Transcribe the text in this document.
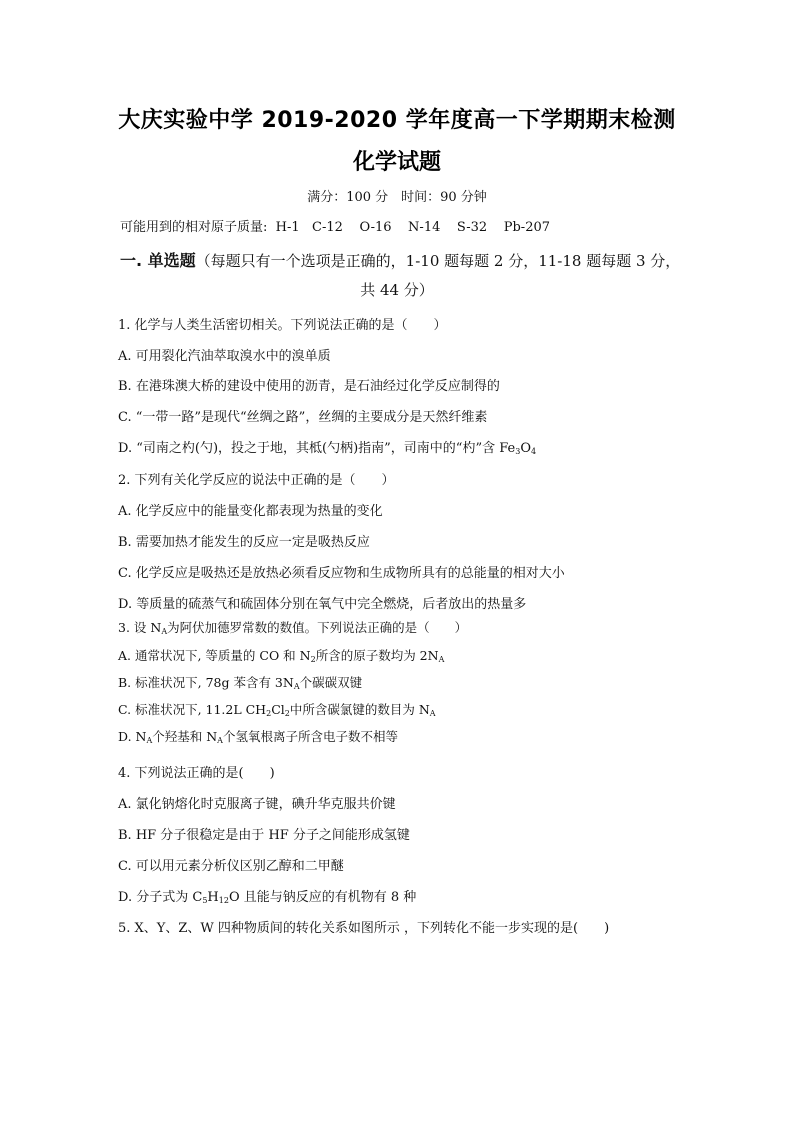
大庆实验中学 2019-2020 学年度高一下学期期末检测
化学试题
满分：100 分　时间：90 分钟
可能用到的相对原子质量:  H-1   C-12    O-16    N-14    S-32    Pb-207
一. 单选题（每题只有一个选项是正确的，1-10 题每题 2 分，11-18 题每题 3 分，
共 44 分）
1. 化学与人类生活密切相关。下列说法正确的是（　　）
A. 可用裂化汽油萃取溴水中的溴单质
B. 在港珠澳大桥的建设中使用的沥青，是石油经过化学反应制得的
C. “一带一路”是现代“丝绸之路”，丝绸的主要成分是天然纤维素
D. “司南之杓(勺)，投之于地，其柢(勺柄)指南”，司南中的“杓”含 $Fe_3O_4$
2. 下列有关化学反应的说法中正确的是（　　）
A. 化学反应中的能量变化都表现为热量的变化
B. 需要加热才能发生的反应一定是吸热反应
C. 化学反应是吸热还是放热必须看反应物和生成物所具有的总能量的相对大小
D. 等质量的硫蒸气和硫固体分别在氧气中完全燃烧，后者放出的热量多
3. 设 $N_A$为阿伏加德罗常数的数值。下列说法正确的是（　　）
A. 通常状况下, 等质量的 CO 和 $N_2$所含的原子数均为 $2N_A$
B. 标准状况下, 78g 苯含有 $3N_A$个碳碳双键
C. 标准状况下, 11.2L $CH_2Cl_2$中所含碳氯键的数目为 $N_A$
D. $N_A$个羟基和 $N_A$个氢氧根离子所含电子数不相等
4. 下列说法正确的是(　　)
A. 氯化钠熔化时克服离子键，碘升华克服共价键
B. HF 分子很稳定是由于 HF 分子之间能形成氢键
C. 可以用元素分析仪区别乙醇和二甲醚
D. 分子式为 $C_5H_{12}O$ 且能与钠反应的有机物有 8 种
5. X、Y、Z、W 四种物质间的转化关系如图所示 ，下列转化不能一步实现的是(　　)
